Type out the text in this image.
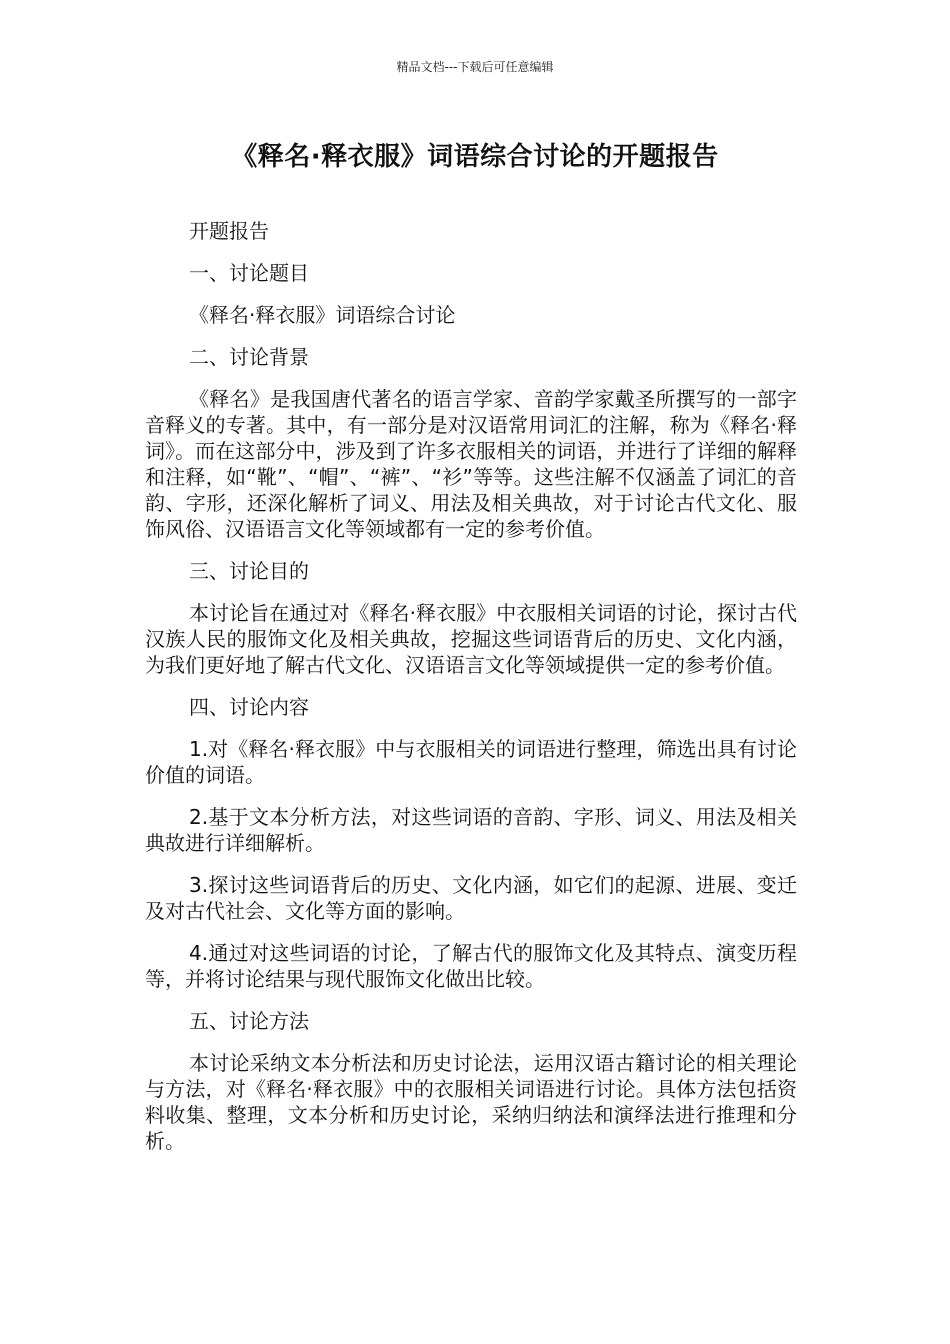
精品文档---下载后可任意编辑
《释名·释衣服》词语综合讨论的开题报告

开题报告

一、讨论题目

《释名·释衣服》词语综合讨论

二、讨论背景

《释名》是我国唐代著名的语言学家、音韵学家戴圣所撰写的一部字音释义的专著。其中，有一部分是对汉语常用词汇的注解，称为《释名·释词》。而在这部分中，涉及到了许多衣服相关的词语，并进行了详细的解释和注释，如“靴”、“帽”、“裤”、“衫”等等。这些注解不仅涵盖了词汇的音韵、字形，还深化解析了词义、用法及相关典故，对于讨论古代文化、服饰风俗、汉语语言文化等领域都有一定的参考价值。

三、讨论目的

本讨论旨在通过对《释名·释衣服》中衣服相关词语的讨论，探讨古代汉族人民的服饰文化及相关典故，挖掘这些词语背后的历史、文化内涵，为我们更好地了解古代文化、汉语语言文化等领域提供一定的参考价值。

四、讨论内容

1.对《释名·释衣服》中与衣服相关的词语进行整理，筛选出具有讨论价值的词语。

2.基于文本分析方法，对这些词语的音韵、字形、词义、用法及相关典故进行详细解析。

3.探讨这些词语背后的历史、文化内涵，如它们的起源、进展、变迁及对古代社会、文化等方面的影响。

4.通过对这些词语的讨论，了解古代的服饰文化及其特点、演变历程等，并将讨论结果与现代服饰文化做出比较。

五、讨论方法

本讨论采纳文本分析法和历史讨论法，运用汉语古籍讨论的相关理论与方法，对《释名·释衣服》中的衣服相关词语进行讨论。具体方法包括资料收集、整理，文本分析和历史讨论，采纳归纳法和演绎法进行推理和分析。
